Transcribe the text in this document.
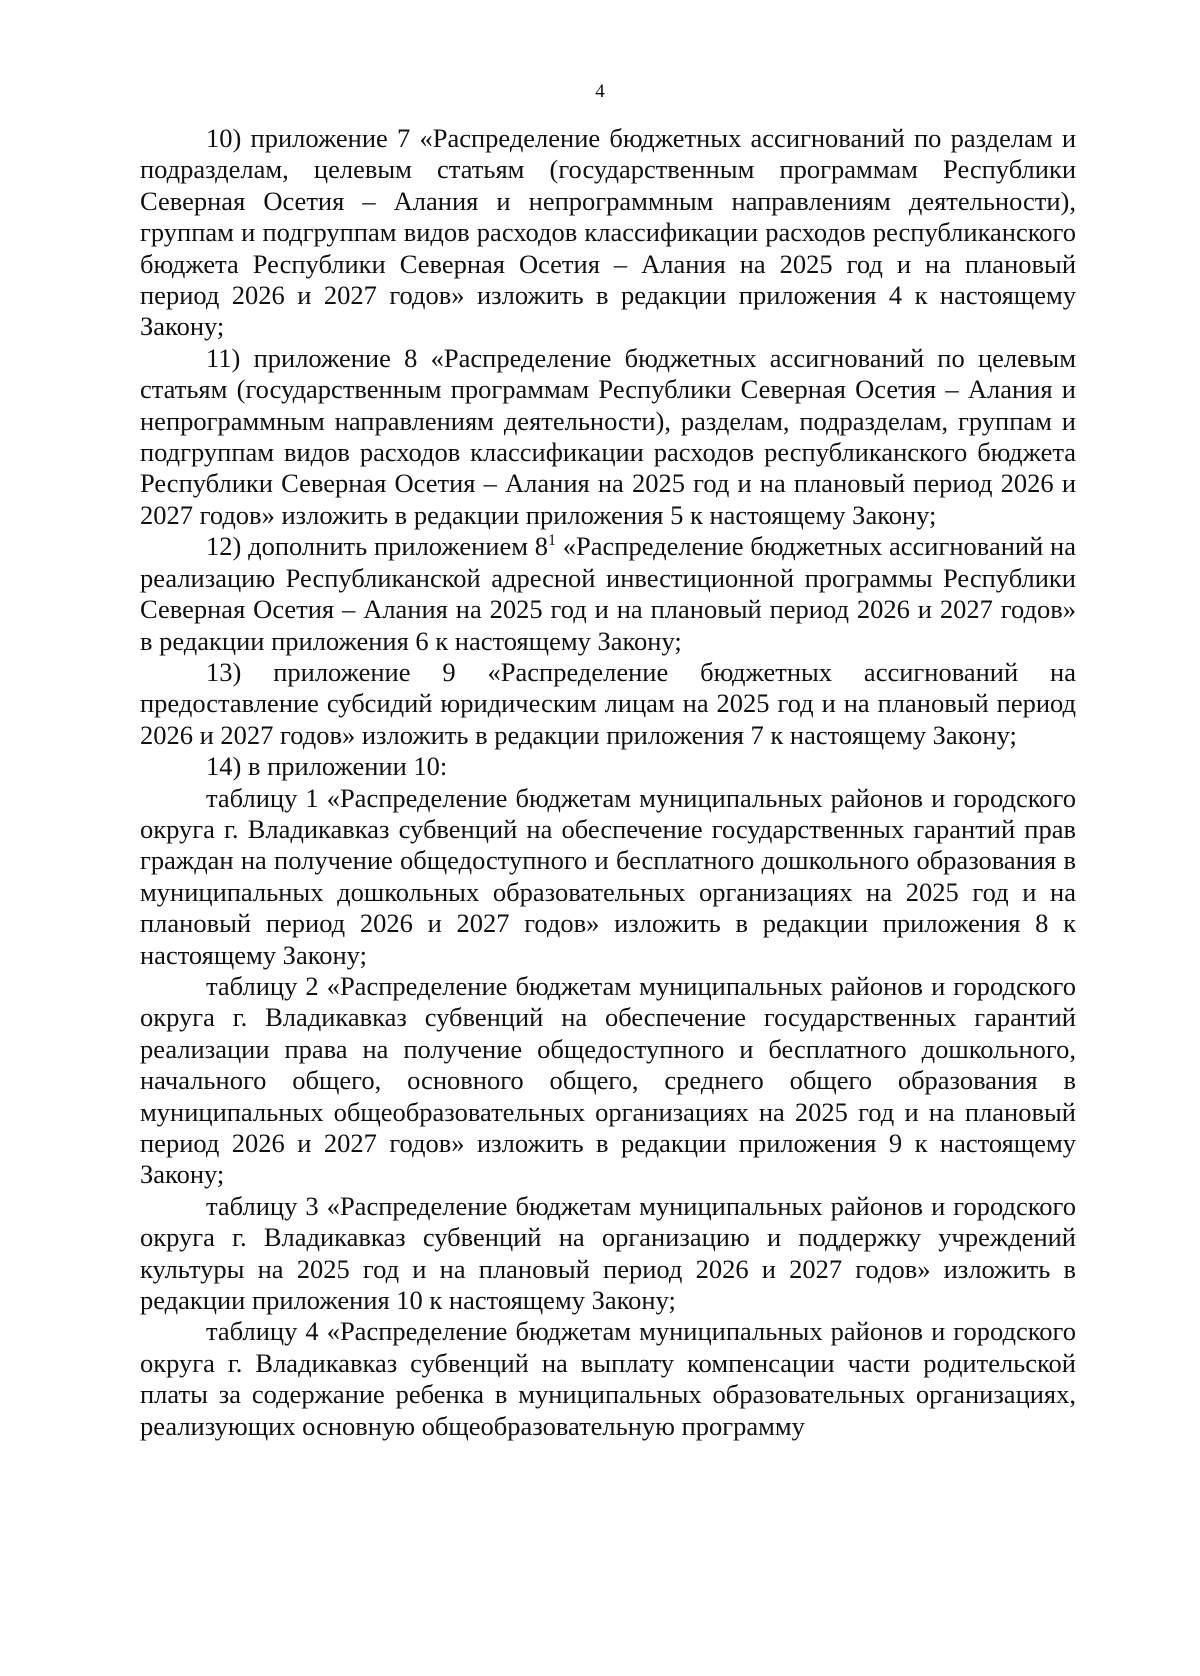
4

10) приложение 7 «Распределение бюджетных ассигнований по разделам и подразделам, целевым статьям (государственным программам Республики Северная Осетия – Алания и непрограммным направлениям деятельности), группам и подгруппам видов расходов классификации расходов республиканского бюджета Республики Северная Осетия – Алания на 2025 год и на плановый период 2026 и 2027 годов» изложить в редакции приложения 4 к настоящему Закону;

11) приложение 8 «Распределение бюджетных ассигнований по целевым статьям (государственным программам Республики Северная Осетия – Алания и непрограммным направлениям деятельности), разделам, подразделам, группам и подгруппам видов расходов классификации расходов республиканского бюджета Республики Северная Осетия – Алания на 2025 год и на плановый период 2026 и 2027 годов» изложить в редакции приложения 5 к настоящему Закону;

12) дополнить приложением $8^1$ «Распределение бюджетных ассигнований на реализацию Республиканской адресной инвестиционной программы Республики Северная Осетия – Алания на 2025 год и на плановый период 2026 и 2027 годов» в редакции приложения 6 к настоящему Закону;

13) приложение 9 «Распределение бюджетных ассигнований на предоставление субсидий юридическим лицам на 2025 год и на плановый период 2026 и 2027 годов» изложить в редакции приложения 7 к настоящему Закону;

14) в приложении 10:

таблицу 1 «Распределение бюджетам муниципальных районов и городского округа г. Владикавказ субвенций на обеспечение государственных гарантий прав граждан на получение общедоступного и бесплатного дошкольного образования в муниципальных дошкольных образовательных организациях на 2025 год и на плановый период 2026 и 2027 годов» изложить в редакции приложения 8 к настоящему Закону;

таблицу 2 «Распределение бюджетам муниципальных районов и городского округа г. Владикавказ субвенций на обеспечение государственных гарантий реализации права на получение общедоступного и бесплатного дошкольного, начального общего, основного общего, среднего общего образования в муниципальных общеобразовательных организациях на 2025 год и на плановый период 2026 и 2027 годов» изложить в редакции приложения 9 к настоящему Закону;

таблицу 3 «Распределение бюджетам муниципальных районов и городского округа г. Владикавказ субвенций на организацию и поддержку учреждений культуры на 2025 год и на плановый период 2026 и 2027 годов» изложить в редакции приложения 10 к настоящему Закону;

таблицу 4 «Распределение бюджетам муниципальных районов и городского округа г. Владикавказ субвенций на выплату компенсации части родительской платы за содержание ребенка в муниципальных образовательных организациях, реализующих основную общеобразовательную программу
